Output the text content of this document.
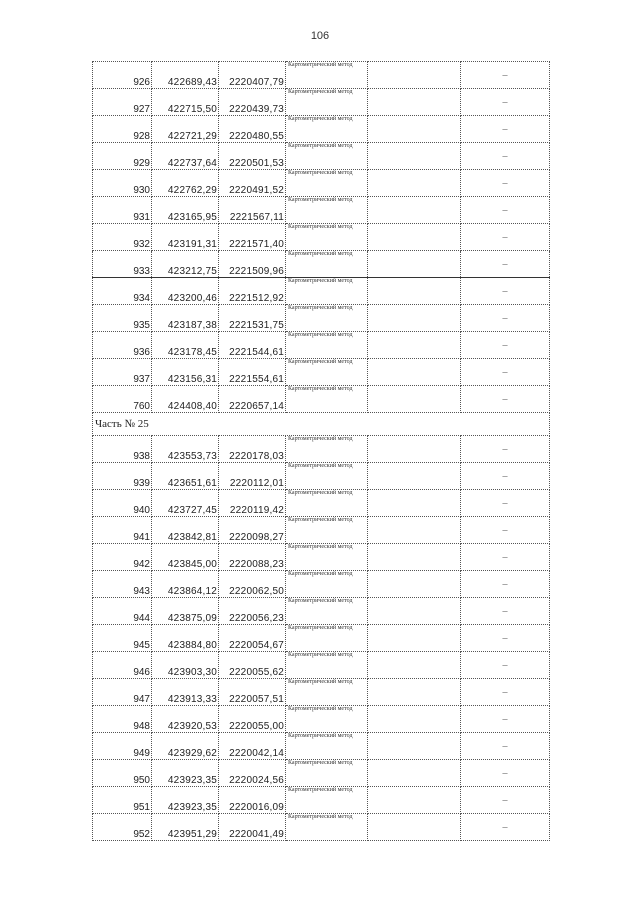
106
926	422689,43	2220407,79	Картометрический метод		–
927	422715,50	2220439,73	Картометрический метод		–
928	422721,29	2220480,55	Картометрический метод		–
929	422737,64	2220501,53	Картометрический метод		–
930	422762,29	2220491,52	Картометрический метод		–
931	423165,95	2221567,11	Картометрический метод		–
932	423191,31	2221571,40	Картометрический метод		–
933	423212,75	2221509,96	Картометрический метод		–
934	423200,46	2221512,92	Картометрический метод		–
935	423187,38	2221531,75	Картометрический метод		–
936	423178,45	2221544,61	Картометрический метод		–
937	423156,31	2221554,61	Картометрический метод		–
760	424408,40	2220657,14	Картометрический метод		–
Часть № 25					
938	423553,73	2220178,03	Картометрический метод		–
939	423651,61	2220112,01	Картометрический метод		–
940	423727,45	2220119,42	Картометрический метод		–
941	423842,81	2220098,27	Картометрический метод		–
942	423845,00	2220088,23	Картометрический метод		–
943	423864,12	2220062,50	Картометрический метод		–
944	423875,09	2220056,23	Картометрический метод		–
945	423884,80	2220054,67	Картометрический метод		–
946	423903,30	2220055,62	Картометрический метод		–
947	423913,33	2220057,51	Картометрический метод		–
948	423920,53	2220055,00	Картометрический метод		–
949	423929,62	2220042,14	Картометрический метод		–
950	423923,35	2220024,56	Картометрический метод		–
951	423923,35	2220016,09	Картометрический метод		–
952	423951,29	2220041,49	Картометрический метод		–
